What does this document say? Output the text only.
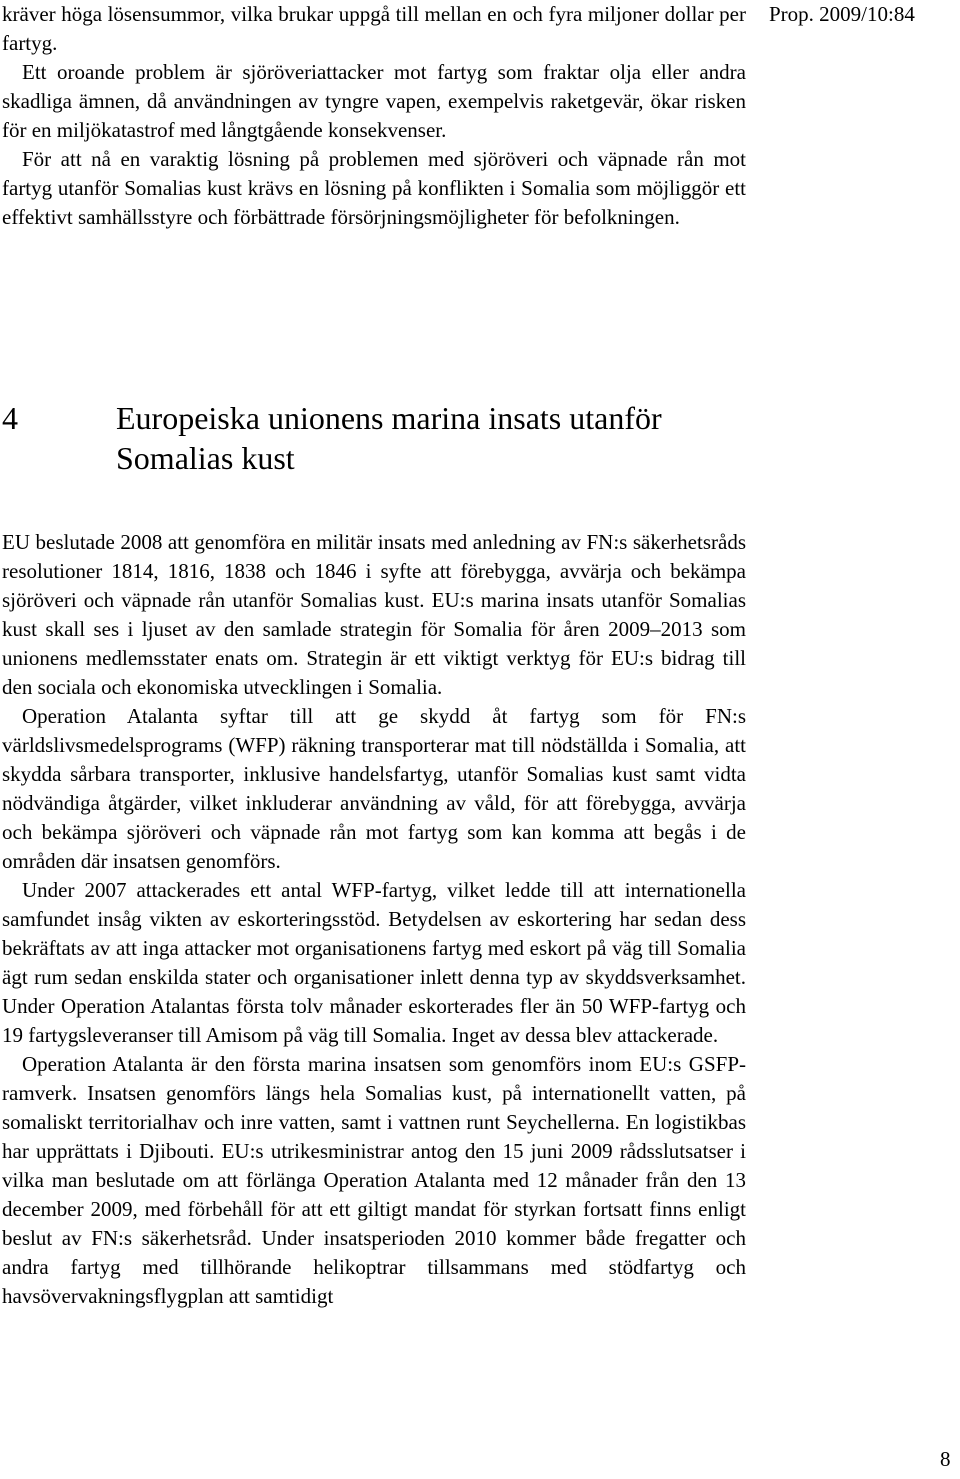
Prop. 2009/10:84

kräver höga lösensummor, vilka brukar uppgå till mellan en och fyra miljoner dollar per fartyg.

Ett oroande problem är sjöröveriattacker mot fartyg som fraktar olja eller andra skadliga ämnen, då användningen av tyngre vapen, exempelvis raketgevär, ökar risken för en miljökatastrof med långtgående konsekvenser.

För att nå en varaktig lösning på problemen med sjöröveri och väpnade rån mot fartyg utanför Somalias kust krävs en lösning på konflikten i Somalia som möjliggör ett effektivt samhällsstyre och förbättrade försörjningsmöjligheter för befolkningen.

4	Europeiska unionens marina insats utanför Somalias kust

EU beslutade 2008 att genomföra en militär insats med anledning av FN:s säkerhetsråds resolutioner 1814, 1816, 1838 och 1846 i syfte att förebygga, avvärja och bekämpa sjöröveri och väpnade rån utanför Somalias kust. EU:s marina insats utanför Somalias kust skall ses i ljuset av den samlade strategin för Somalia för åren 2009–2013 som unionens medlemsstater enats om. Strategin är ett viktigt verktyg för EU:s bidrag till den sociala och ekonomiska utvecklingen i Somalia.

Operation Atalanta syftar till att ge skydd åt fartyg som för FN:s världslivsmedelsprograms (WFP) räkning transporterar mat till nödställda i Somalia, att skydda sårbara transporter, inklusive handelsfartyg, utanför Somalias kust samt vidta nödvändiga åtgärder, vilket inkluderar användning av våld, för att förebygga, avvärja och bekämpa sjöröveri och väpnade rån mot fartyg som kan komma att begås i de områden där insatsen genomförs.

Under 2007 attackerades ett antal WFP-fartyg, vilket ledde till att internationella samfundet insåg vikten av eskorteringsstöd. Betydelsen av eskortering har sedan dess bekräftats av att inga attacker mot organisationens fartyg med eskort på väg till Somalia ägt rum sedan enskilda stater och organisationer inlett denna typ av skyddsverksamhet. Under Operation Atalantas första tolv månader eskorterades fler än 50 WFP-fartyg och 19 fartygsleveranser till Amisom på väg till Somalia. Inget av dessa blev attackerade.

Operation Atalanta är den första marina insatsen som genomförs inom EU:s GSFP-ramverk. Insatsen genomförs längs hela Somalias kust, på internationellt vatten, på somaliskt territorialhav och inre vatten, samt i vattnen runt Seychellerna. En logistikbas har upprättats i Djibouti. EU:s utrikesministrar antog den 15 juni 2009 rådsslutsatser i vilka man beslutade om att förlänga Operation Atalanta med 12 månader från den 13 december 2009, med förbehåll för att ett giltigt mandat för styrkan fortsatt finns enligt beslut av FN:s säkerhetsråd. Under insatsperioden 2010 kommer både fregatter och andra fartyg med tillhörande helikoptrar tillsammans med stödfartyg och havsövervakningsflygplan att samtidigt

8
